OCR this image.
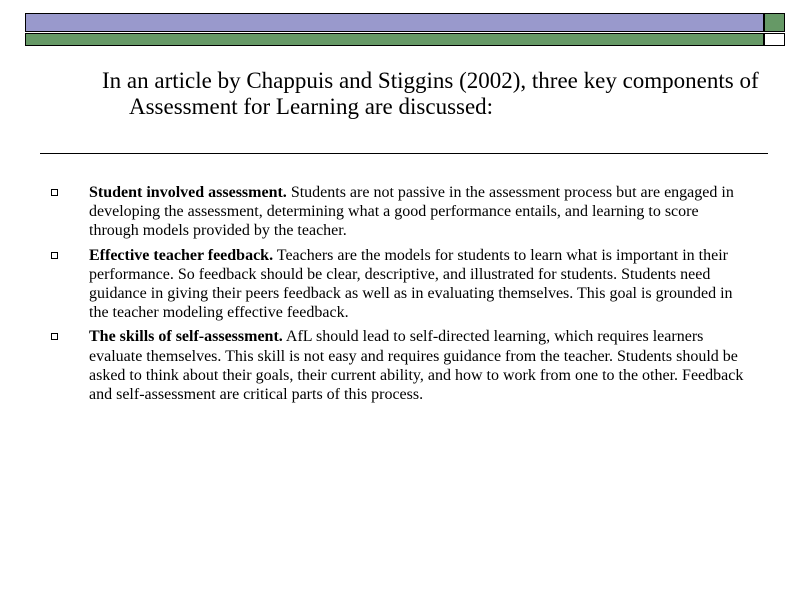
In an article by Chappuis and Stiggins (2002), three key components of Assessment for Learning are discussed:
Student involved assessment. Students are not passive in the assessment process but are engaged in developing the assessment, determining what a good performance entails, and learning to score through models provided by the teacher.
Effective teacher feedback. Teachers are the models for students to learn what is important in their performance. So feedback should be clear, descriptive, and illustrated for students. Students need guidance in giving their peers feedback as well as in evaluating themselves. This goal is grounded in the teacher modeling effective feedback.
The skills of self-assessment. AfL should lead to self-directed learning, which requires learners evaluate themselves. This skill is not easy and requires guidance from the teacher. Students should be asked to think about their goals, their current ability, and how to work from one to the other. Feedback and self-assessment are critical parts of this process.
